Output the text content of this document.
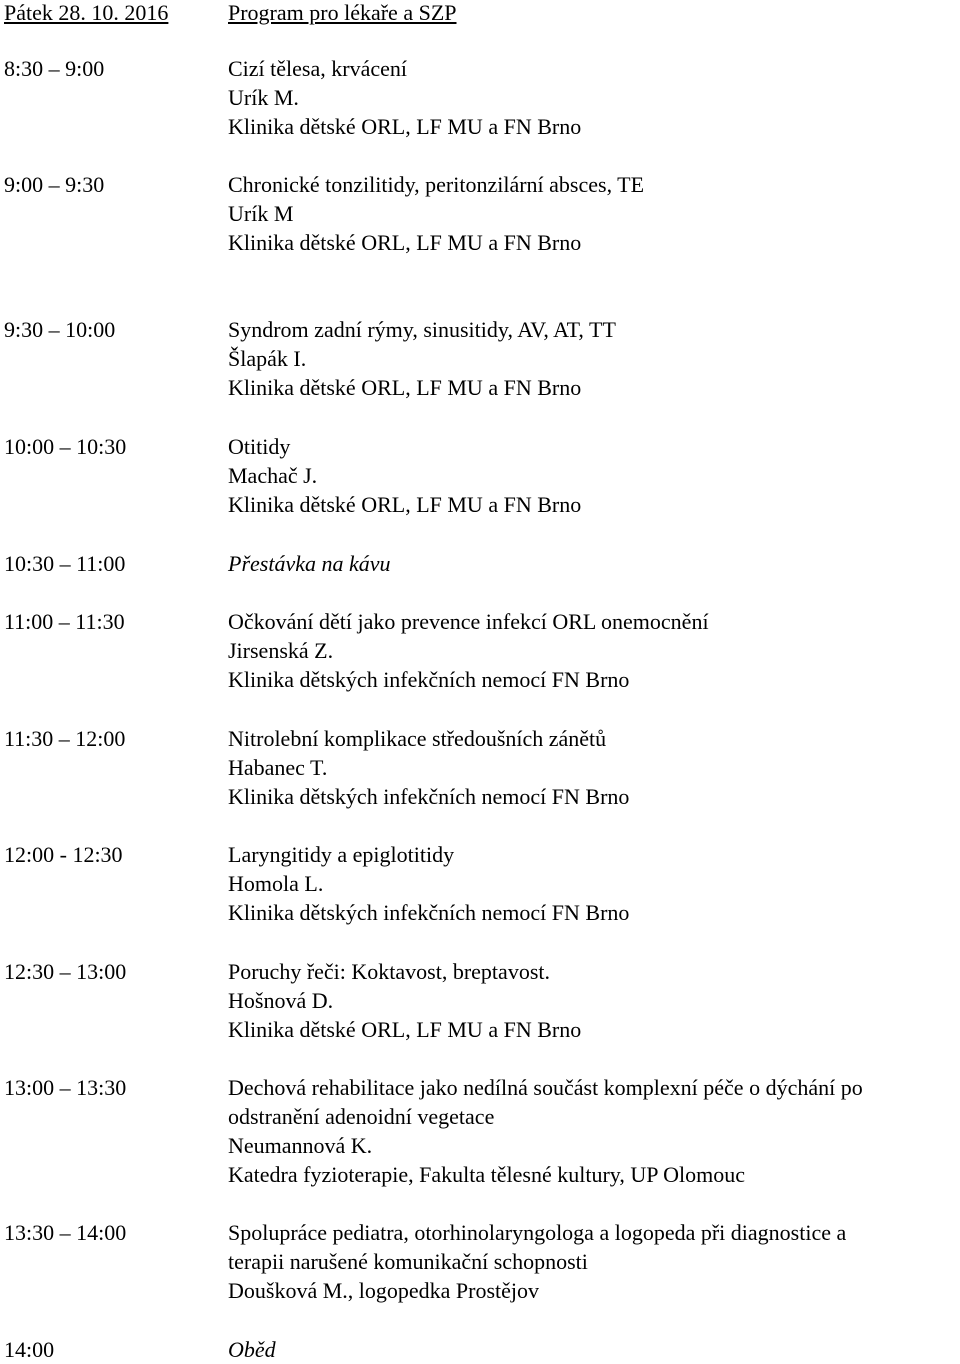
Pátek 28. 10. 2016	Program pro lékaře a SZP
8:30 – 9:00	Cizí tělesa, krvácení
Urík M.
Klinika dětské ORL, LF MU a FN Brno
9:00 – 9:30	Chronické tonzilitidy, peritonzilární absces, TE
Urík M
Klinika dětské ORL, LF MU a FN Brno
9:30 – 10:00	Syndrom zadní rýmy, sinusitidy, AV, AT, TT
Šlapák I.
Klinika dětské ORL, LF MU a FN Brno
10:00 – 10:30	Otitidy
Machač J.
Klinika dětské ORL, LF MU a FN Brno
10:30 – 11:00	Přestávka na kávu
11:00 – 11:30	Očkování dětí jako prevence infekcí ORL onemocnění
Jirsenská Z.
Klinika dětských infekčních nemocí FN Brno
11:30 – 12:00	Nitrolební komplikace středoušních zánětů
Habanec T.
Klinika dětských infekčních nemocí FN Brno
12:00 - 12:30	Laryngitidy a epiglotitidy
Homola L.
Klinika dětských infekčních nemocí FN Brno
12:30 – 13:00	Poruchy řeči: Koktavost, breptavost.
Hošnová D.
Klinika dětské ORL, LF MU a FN Brno
13:00 – 13:30	Dechová rehabilitace jako nedílná součást komplexní péče o dýchání po
odstranění adenoidní vegetace
Neumannová K.
Katedra fyzioterapie, Fakulta tělesné kultury, UP Olomouc
13:30 – 14:00	Spolupráce pediatra, otorhinolaryngologa a logopeda při diagnostice a
terapii narušené komunikační schopnosti
Doušková M., logopedka Prostějov
14:00	Oběd
